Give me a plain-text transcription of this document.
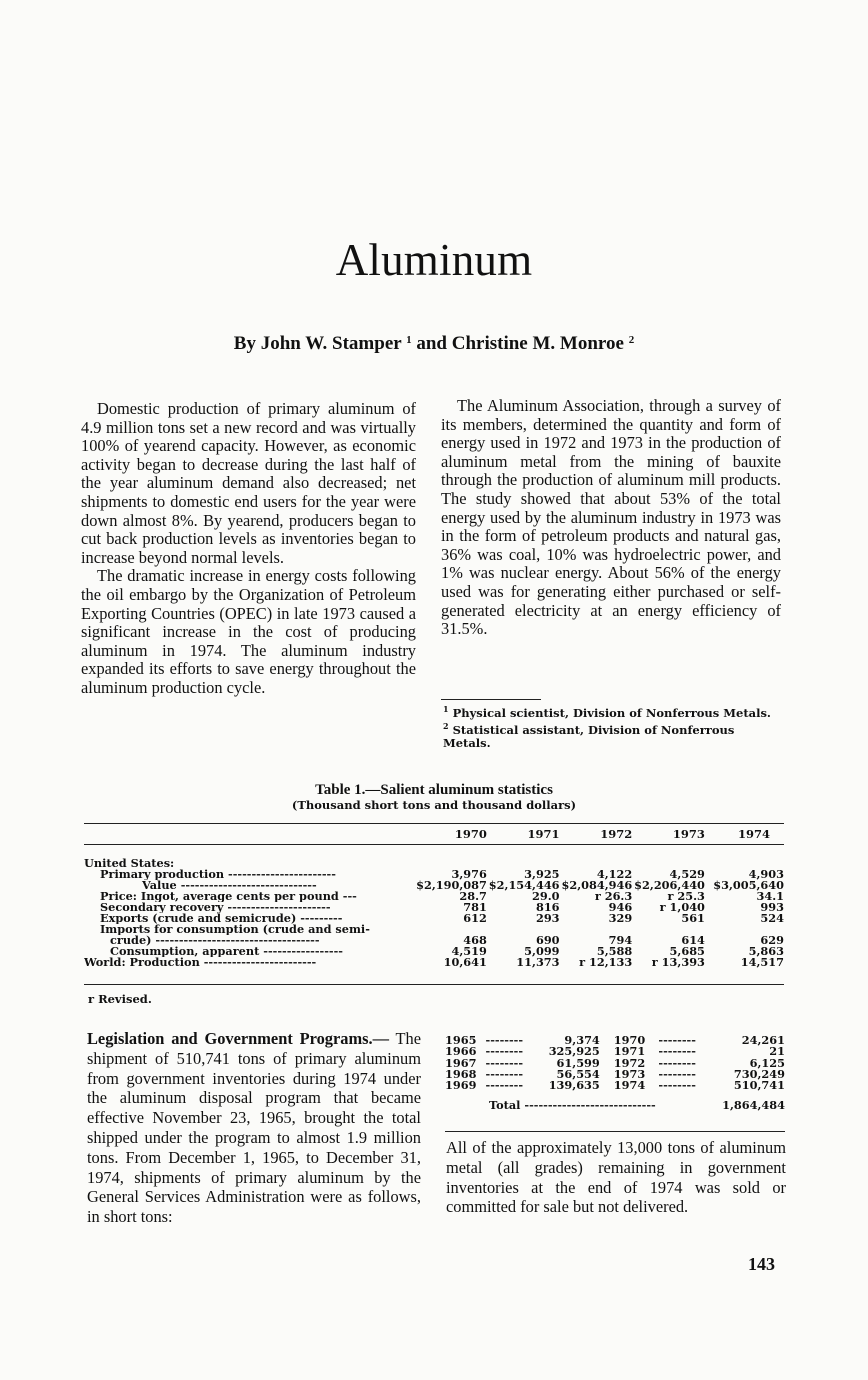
Aluminum
By John W. Stamper $^1$ and Christine M. Monroe $^2$

Domestic production of primary aluminum of 4.9 million tons set a new record and was virtually 100% of yearend capacity. However, as economic activity began to decrease during the last half of the year aluminum demand also decreased; net shipments to domestic end users for the year were down almost 8%. By yearend, producers began to cut back production levels as inventories began to increase beyond normal levels.

The dramatic increase in energy costs following the oil embargo by the Organization of Petroleum Exporting Countries (OPEC) in late 1973 caused a significant increase in the cost of producing aluminum in 1974. The aluminum industry expanded its efforts to save energy throughout the aluminum production cycle.

The Aluminum Association, through a survey of its members, determined the quantity and form of energy used in 1972 and 1973 in the production of aluminum metal from the mining of bauxite through the production of aluminum mill products. The study showed that about 53% of the total energy used by the aluminum industry in 1973 was in the form of petroleum products and natural gas, 36% was coal, 10% was hydroelectric power, and 1% was nuclear energy. About 56% of the energy used was for generating either purchased or self-generated electricity at an energy efficiency of 31.5%.

$^1$ Physical scientist, Division of Nonferrous Metals.
$^2$ Statistical assistant, Division of Nonferrous Metals.
Table 1.—Salient aluminum statistics
(Thousand short tons and thousand dollars)
	1970	1971	1972	1973	1974

United States:					
Primary production -----------------------	3,976	3,925	4,122	4,529	4,903
Value -----------------------------	$2,190,087	$2,154,446	$2,084,946	$2,206,440	$3,005,640
Price: Ingot, average cents per pound ---	28.7	29.0	r 26.3	r 25.3	34.1
Secondary recovery ----------------------	781	816	946	r 1,040	993
Exports (crude and semicrude) ---------	612	293	329	561	524
Imports for consumption (crude and semi-					
crude) -----------------------------------	468	690	794	614	629
Consumption, apparent -----------------	4,519	5,099	5,588	5,685	5,863
World: Production ------------------------	10,641	11,373	r 12,133	r 13,393	14,517
r Revised.
Legislation and Government Programs.— The shipment of 510,741 tons of primary aluminum from government inventories during 1974 under the aluminum disposal program that became effective November 23, 1965, brought the total shipped under the program to almost 1.9 million tons. From December 1, 1965, to December 31, 1974, shipments of primary aluminum by the General Services Administration were as follows, in short tons:
1965	--------	9,374	1970	--------	24,261
1966	--------	325,925	1971	--------	21
1967	--------	61,599	1972	--------	6,125
1968	--------	56,554	1973	--------	730,249
1969	--------	139,635	1974	--------	510,741
Total ----------------------------					1,864,484
All of the approximately 13,000 tons of aluminum metal (all grades) remaining in government inventories at the end of 1974 was sold or committed for sale but not delivered.
143
